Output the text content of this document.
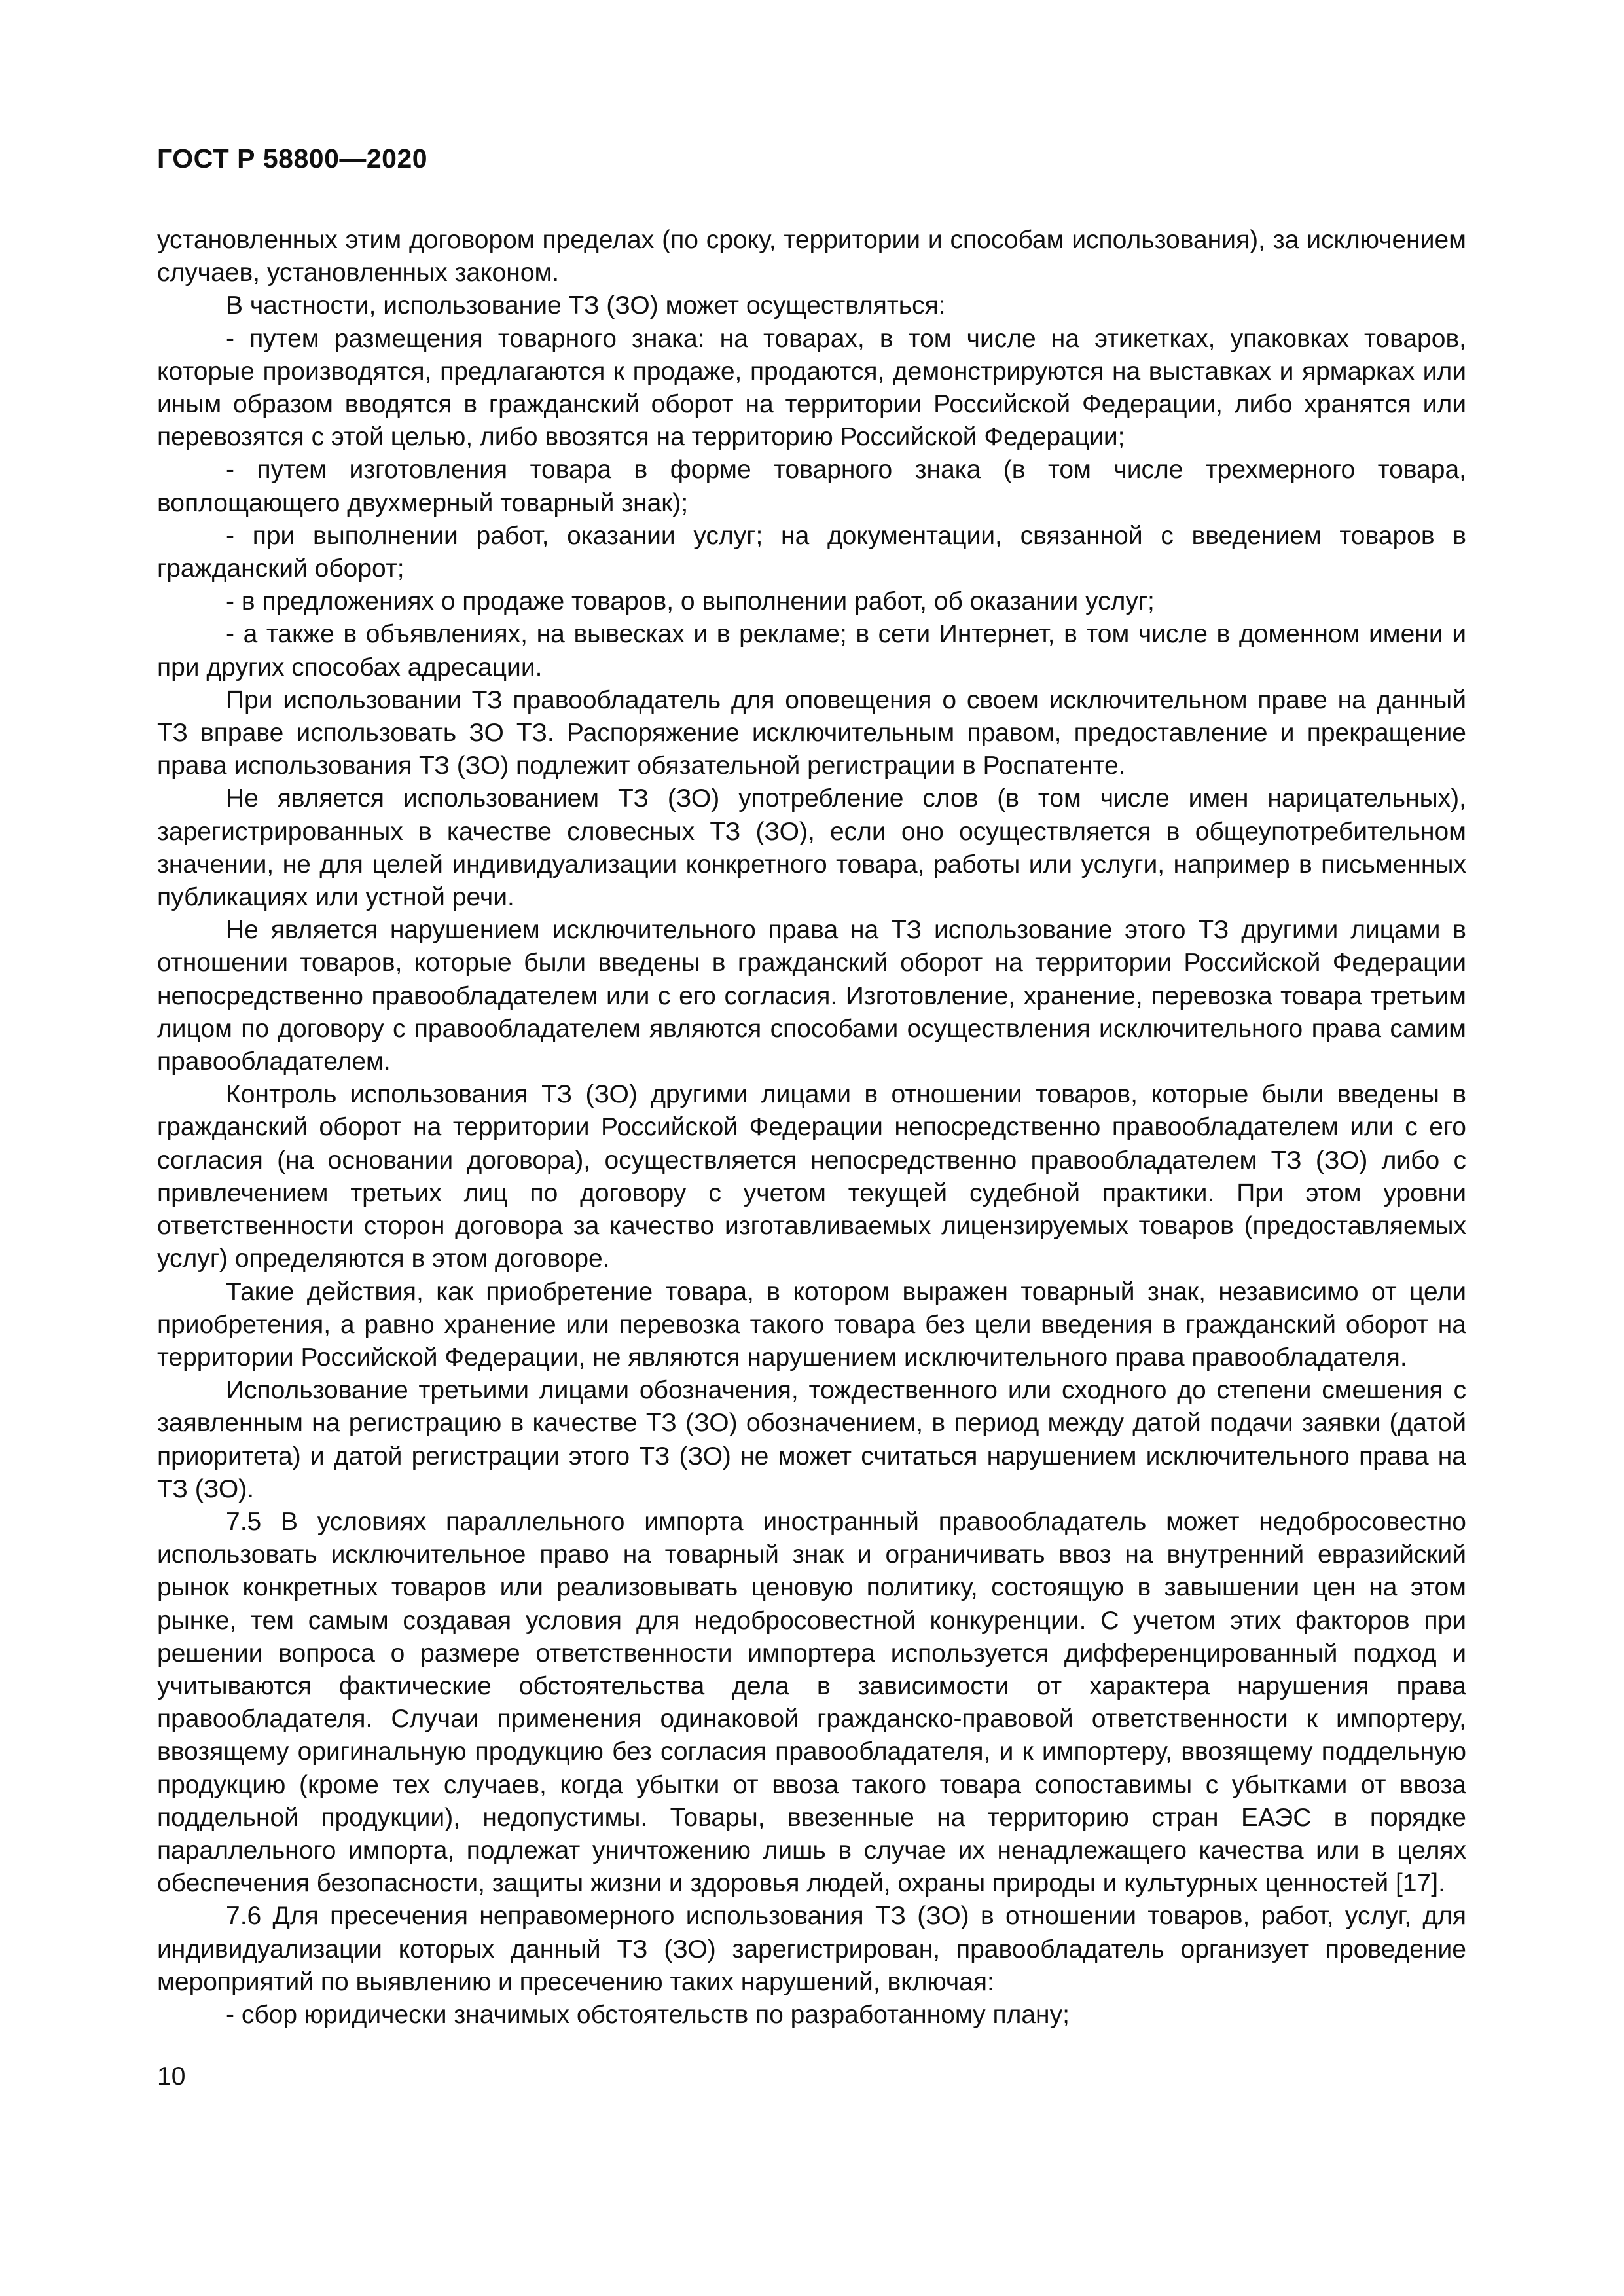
ГОСТ Р 58800—2020

установленных этим договором пределах (по сроку, территории и способам использования), за исключением случаев, установленных законом.

В частности, использование ТЗ (ЗО) может осуществляться:

- путем размещения товарного знака: на товарах, в том числе на этикетках, упаковках товаров, которые производятся, предлагаются к продаже, продаются, демонстрируются на выставках и ярмарках или иным образом вводятся в гражданский оборот на территории Российской Федерации, либо хранятся или перевозятся с этой целью, либо ввозятся на территорию Российской Федерации;

- путем изготовления товара в форме товарного знака (в том числе трехмерного товара, воплощающего двухмерный товарный знак);

- при выполнении работ, оказании услуг; на документации, связанной с введением товаров в гражданский оборот;

- в предложениях о продаже товаров, о выполнении работ, об оказании услуг;

- а также в объявлениях, на вывесках и в рекламе; в сети Интернет, в том числе в доменном имени и при других способах адресации.

При использовании ТЗ правообладатель для оповещения о своем исключительном праве на данный ТЗ вправе использовать ЗО ТЗ. Распоряжение исключительным правом, предоставление и прекращение права использования ТЗ (ЗО) подлежит обязательной регистрации в Роспатенте.

Не является использованием ТЗ (ЗО) употребление слов (в том числе имен нарицательных), зарегистрированных в качестве словесных ТЗ (ЗО), если оно осуществляется в общеупотребительном значении, не для целей индивидуализации конкретного товара, работы или услуги, например в письменных публикациях или устной речи.

Не является нарушением исключительного права на ТЗ использование этого ТЗ другими лицами в отношении товаров, которые были введены в гражданский оборот на территории Российской Федерации непосредственно правообладателем или с его согласия. Изготовление, хранение, перевозка товара третьим лицом по договору с правообладателем являются способами осуществления исключительного права самим правообладателем.

Контроль использования ТЗ (ЗО) другими лицами в отношении товаров, которые были введены в гражданский оборот на территории Российской Федерации непосредственно правообладателем или с его согласия (на основании договора), осуществляется непосредственно правообладателем ТЗ (ЗО) либо с привлечением третьих лиц по договору с учетом текущей судебной практики. При этом уровни ответственности сторон договора за качество изготавливаемых лицензируемых товаров (предоставляемых услуг) определяются в этом договоре.

Такие действия, как приобретение товара, в котором выражен товарный знак, независимо от цели приобретения, а равно хранение или перевозка такого товара без цели введения в гражданский оборот на территории Российской Федерации, не являются нарушением исключительного права правообладателя.

Использование третьими лицами обозначения, тождественного или сходного до степени смешения с заявленным на регистрацию в качестве ТЗ (ЗО) обозначением, в период между датой подачи заявки (датой приоритета) и датой регистрации этого ТЗ (ЗО) не может считаться нарушением исключительного права на ТЗ (ЗО).

7.5 В условиях параллельного импорта иностранный правообладатель может недобросовестно использовать исключительное право на товарный знак и ограничивать ввоз на внутренний евразийский рынок конкретных товаров или реализовывать ценовую политику, состоящую в завышении цен на этом рынке, тем самым создавая условия для недобросовестной конкуренции. С учетом этих факторов при решении вопроса о размере ответственности импортера используется дифференцированный подход и учитываются фактические обстоятельства дела в зависимости от характера нарушения права правообладателя. Случаи применения одинаковой гражданско-правовой ответственности к импортеру, ввозящему оригинальную продукцию без согласия правообладателя, и к импортеру, ввозящему поддельную продукцию (кроме тех случаев, когда убытки от ввоза такого товара сопоставимы с убытками от ввоза поддельной продукции), недопустимы. Товары, ввезенные на территорию стран ЕАЭС в порядке параллельного импорта, подлежат уничтожению лишь в случае их ненадлежащего качества или в целях обеспечения безопасности, защиты жизни и здоровья людей, охраны природы и культурных ценностей [17].

7.6 Для пресечения неправомерного использования ТЗ (ЗО) в отношении товаров, работ, услуг, для индивидуализации которых данный ТЗ (ЗО) зарегистрирован, правообладатель организует проведение мероприятий по выявлению и пресечению таких нарушений, включая:

- сбор юридически значимых обстоятельств по разработанному плану;

10
